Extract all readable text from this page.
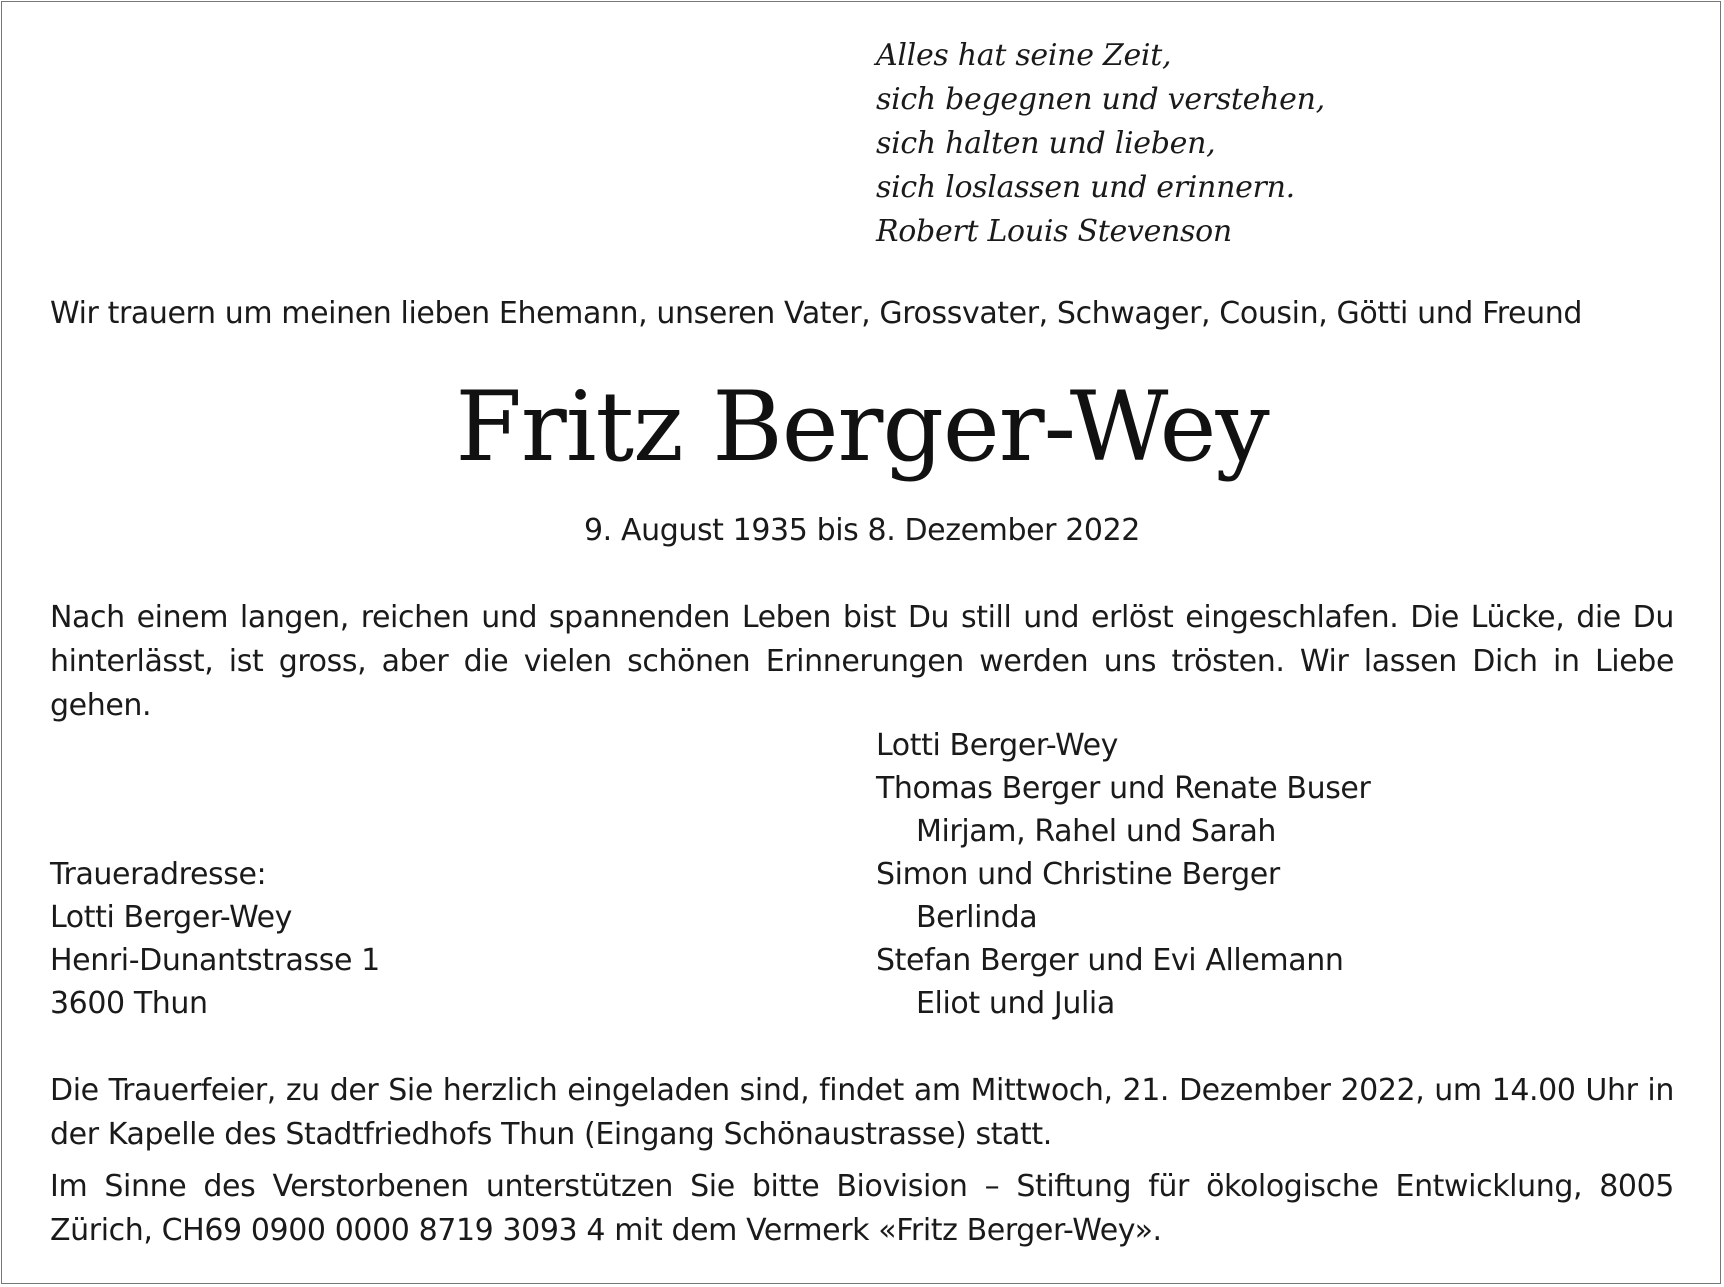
Alles hat seine Zeit,
sich begegnen und verstehen,
sich halten und lieben,
sich loslassen und erinnern.
Robert Louis Stevenson
Wir trauern um meinen lieben Ehemann, unseren Vater, Grossvater, Schwager, Cousin, Götti und Freund
Fritz Berger-Wey
9. August 1935 bis 8. Dezember 2022
Nach einem langen, reichen und spannenden Leben bist Du still und erlöst eingeschlafen. Die Lücke, die Du hinterlässt, ist gross, aber die vielen schönen Erinnerungen werden uns trösten. Wir lassen Dich in Liebe gehen.
Lotti Berger-Wey
Thomas Berger und Renate Buser
Mirjam, Rahel und Sarah
Simon und Christine Berger
Berlinda
Stefan Berger und Evi Allemann
Eliot und Julia
Traueradresse:
Lotti Berger-Wey
Henri-Dunantstrasse 1
3600 Thun
Die Trauerfeier, zu der Sie herzlich eingeladen sind, findet am Mittwoch, 21. Dezember 2022, um 14.00 Uhr in der Kapelle des Stadtfriedhofs Thun (Eingang Schönaustrasse) statt.
Im Sinne des Verstorbenen unterstützen Sie bitte Biovision – Stiftung für ökologische Entwicklung, 8005 Zürich, CH69 0900 0000 8719 3093 4 mit dem Vermerk «Fritz Berger-Wey».
